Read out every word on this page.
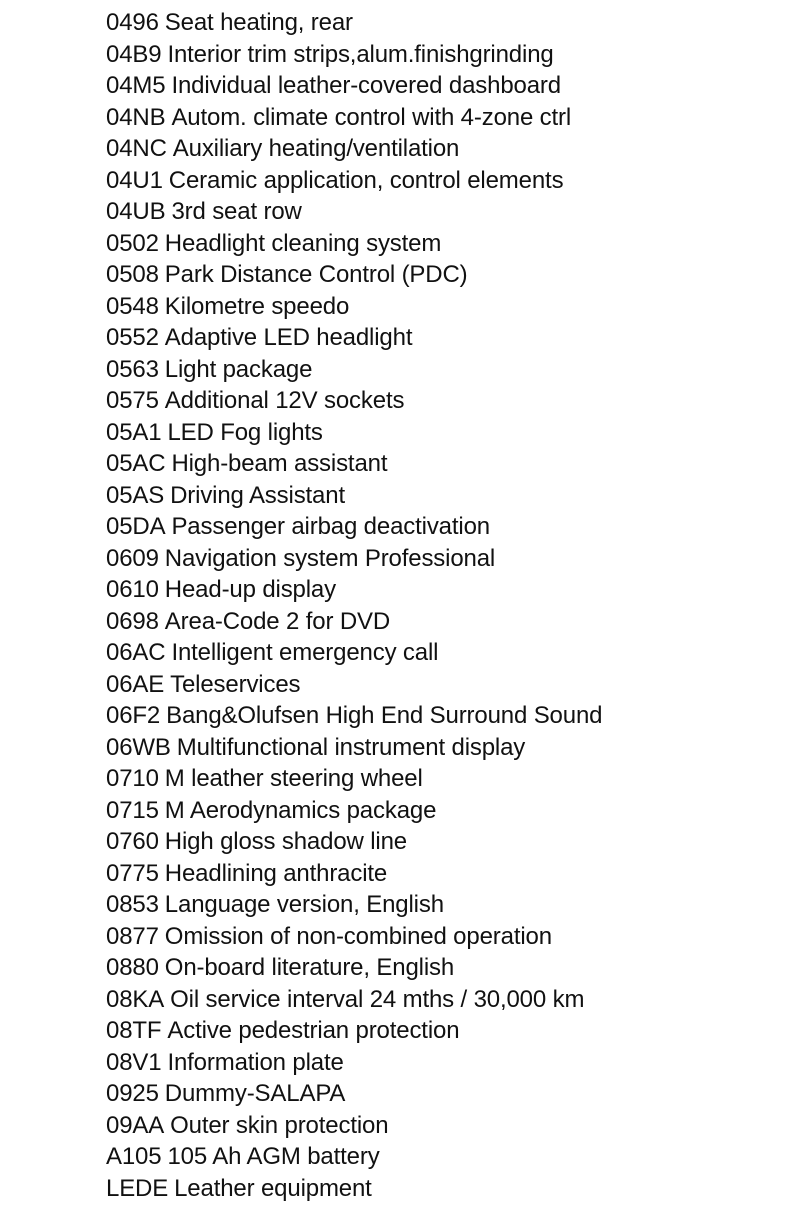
0496 Seat heating, rear
04B9 Interior trim strips,alum.finishgrinding
04M5 Individual leather-covered dashboard
04NB Autom. climate control with 4-zone ctrl
04NC Auxiliary heating/ventilation
04U1 Ceramic application, control elements
04UB 3rd seat row
0502 Headlight cleaning system
0508 Park Distance Control (PDC)
0548 Kilometre speedo
0552 Adaptive LED headlight
0563 Light package
0575 Additional 12V sockets
05A1 LED Fog lights
05AC High-beam assistant
05AS Driving Assistant
05DA Passenger airbag deactivation
0609 Navigation system Professional
0610 Head-up display
0698 Area-Code 2 for DVD
06AC Intelligent emergency call
06AE Teleservices
06F2 Bang&Olufsen High End Surround Sound
06WB Multifunctional instrument display
0710 M leather steering wheel
0715 M Aerodynamics package
0760 High gloss shadow line
0775 Headlining anthracite
0853 Language version, English
0877 Omission of non-combined operation
0880 On-board literature, English
08KA Oil service interval 24 mths / 30,000 km
08TF Active pedestrian protection
08V1 Information plate
0925 Dummy-SALAPA
09AA Outer skin protection
A105 105 Ah AGM battery
LEDE Leather equipment
